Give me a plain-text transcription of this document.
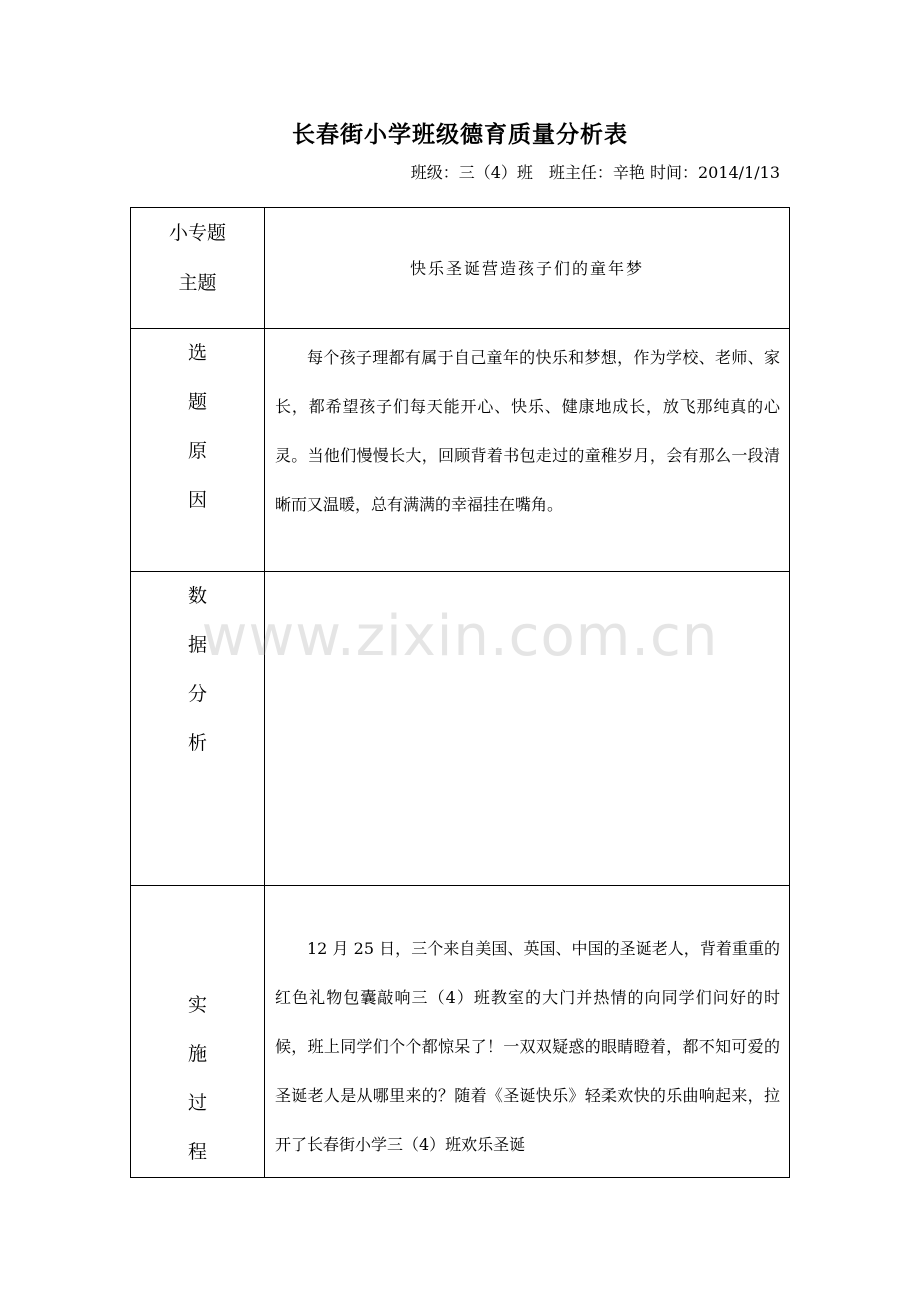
长春街小学班级德育质量分析表
班级：三（4）班　班主任：辛艳 时间：2014/1/13
小专题
主题	快乐圣诞营造孩子们的童年梦

选
题
原
因	每个孩子理都有属于自己童年的快乐和梦想，作为学校、老师、家长，都希望孩子们每天能开心、快乐、健康地成长，放飞那纯真的心灵。当他们慢慢长大，回顾背着书包走过的童稚岁月，会有那么一段清晰而又温暖，总有满满的幸福挂在嘴角。

数
据
分
析	

实
施
过
程	12 月 25 日，三个来自美国、英国、中国的圣诞老人，背着重重的红色礼物包囊敲响三（4）班教室的大门并热情的向同学们问好的时候，班上同学们个个都惊呆了！一双双疑惑的眼睛瞪着，都不知可爱的圣诞老人是从哪里来的？随着《圣诞快乐》轻柔欢快的乐曲响起来，拉开了长春街小学三（4）班欢乐圣诞

www.zixin.com.cn
